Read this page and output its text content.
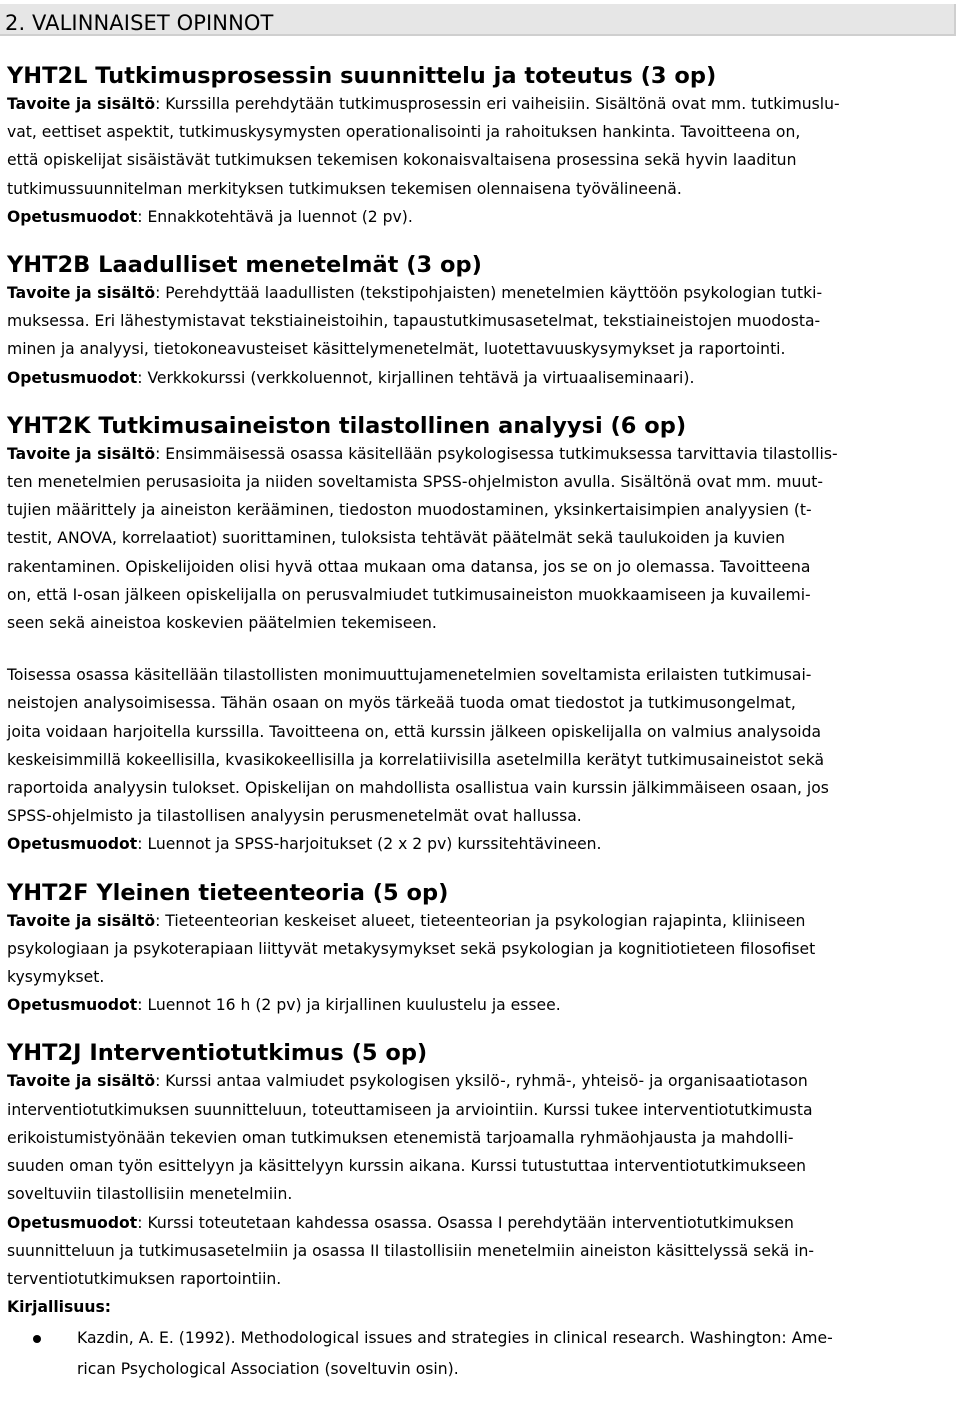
2. VALINNAISET OPINNOT
YHT2L Tutkimusprosessin suunnittelu ja toteutus (3 op)

Tavoite ja sisältö: Kurssilla perehdytään tutkimusprosessin eri vaiheisiin. Sisältönä ovat mm. tutkimuslu-

vat, eettiset aspektit, tutkimuskysymysten operationalisointi ja rahoituksen hankinta. Tavoitteena on,

että opiskelijat sisäistävät tutkimuksen tekemisen kokonaisvaltaisena prosessina sekä hyvin laaditun

tutkimussuunnitelman merkityksen tutkimuksen tekemisen olennaisena työvälineenä.

Opetusmuodot: Ennakkotehtävä ja luennot (2 pv).

YHT2B Laadulliset menetelmät (3 op)

Tavoite ja sisältö: Perehdyttää laadullisten (tekstipohjaisten) menetelmien käyttöön psykologian tutki-

muksessa. Eri lähestymistavat tekstiaineistoihin, tapaustutkimusasetelmat, tekstiaineistojen muodosta-

minen ja analyysi, tietokoneavusteiset käsittelymenetelmät, luotettavuuskysymykset ja raportointi.

Opetusmuodot: Verkkokurssi (verkkoluennot, kirjallinen tehtävä ja virtuaaliseminaari).

YHT2K Tutkimusaineiston tilastollinen analyysi (6 op)

Tavoite ja sisältö: Ensimmäisessä osassa käsitellään psykologisessa tutkimuksessa tarvittavia tilastollis-

ten menetelmien perusasioita ja niiden soveltamista SPSS-ohjelmiston avulla. Sisältönä ovat mm. muut-

tujien määrittely ja aineiston kerääminen, tiedoston muodostaminen, yksinkertaisimpien analyysien (t-

testit, ANOVA, korrelaatiot) suorittaminen, tuloksista tehtävät päätelmät sekä taulukoiden ja kuvien

rakentaminen. Opiskelijoiden olisi hyvä ottaa mukaan oma datansa, jos se on jo olemassa. Tavoitteena

on, että I-osan jälkeen opiskelijalla on perusvalmiudet tutkimusaineiston muokkaamiseen ja kuvailemi-

seen sekä aineistoa koskevien päätelmien tekemiseen.

Toisessa osassa käsitellään tilastollisten monimuuttujamenetelmien soveltamista erilaisten tutkimusai-

neistojen analysoimisessa. Tähän osaan on myös tärkeää tuoda omat tiedostot ja tutkimusongelmat,

joita voidaan harjoitella kurssilla. Tavoitteena on, että kurssin jälkeen opiskelijalla on valmius analysoida

keskeisimmillä kokeellisilla, kvasikokeellisilla ja korrelatiivisilla asetelmilla kerätyt tutkimusaineistot sekä

raportoida analyysin tulokset. Opiskelijan on mahdollista osallistua vain kurssin jälkimmäiseen osaan, jos

SPSS-ohjelmisto ja tilastollisen analyysin perusmenetelmät ovat hallussa.

Opetusmuodot: Luennot ja SPSS-harjoitukset (2 x 2 pv) kurssitehtävineen.

YHT2F Yleinen tieteenteoria (5 op)

Tavoite ja sisältö: Tieteenteorian keskeiset alueet, tieteenteorian ja psykologian rajapinta, kliiniseen

psykologiaan ja psykoterapiaan liittyvät metakysymykset sekä psykologian ja kognitiotieteen filosofiset

kysymykset.

Opetusmuodot: Luennot 16 h (2 pv) ja kirjallinen kuulustelu ja essee.

YHT2J Interventiotutkimus (5 op)

Tavoite ja sisältö: Kurssi antaa valmiudet psykologisen yksilö-, ryhmä-, yhteisö- ja organisaatiotason

interventiotutkimuksen suunnitteluun, toteuttamiseen ja arviointiin. Kurssi tukee interventiotutkimusta

erikoistumistyönään tekevien oman tutkimuksen etenemistä tarjoamalla ryhmäohjausta ja mahdolli-

suuden oman työn esittelyyn ja käsittelyyn kurssin aikana. Kurssi tutustuttaa interventiotutkimukseen

soveltuviin tilastollisiin menetelmiin.

Opetusmuodot: Kurssi toteutetaan kahdessa osassa. Osassa I perehdytään interventiotutkimuksen

suunnitteluun ja tutkimusasetelmiin ja osassa II tilastollisiin menetelmiin aineiston käsittelyssä sekä in-

terventiotutkimuksen raportointiin.

Kirjallisuus:

Kazdin, A. E. (1992). Methodological issues and strategies in clinical research. Washington: Ame-
rican Psychological Association (soveltuvin osin).
